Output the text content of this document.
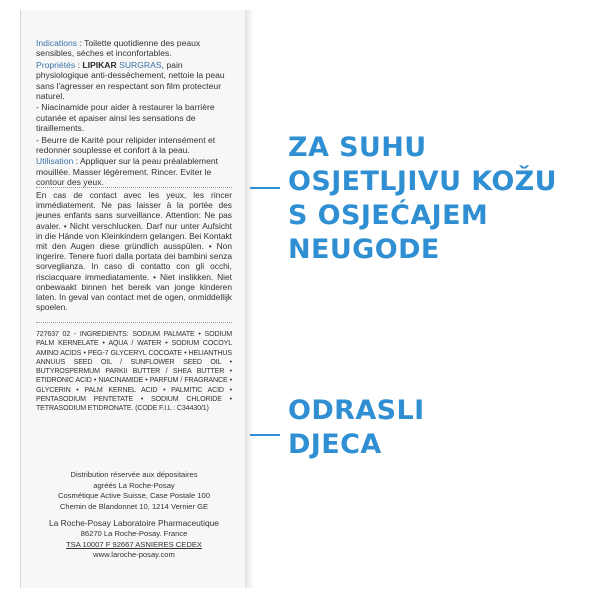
Indications : Toilette quotidienne des peaux sensibles, sèches et inconfortables.
Propriétés : LIPIKAR SURGRAS, pain physiologique anti-dessèchement, nettoie la peau sans l'agresser en respectant son film protecteur naturel.
- Niacinamide pour aider à restaurer la barrière cutanée et apaiser ainsi les sensations de tiraillements.
- Beurre de Karité pour relipider intensément et redonner souplesse et confort à la peau.
Utilisation : Appliquer sur la peau préalablement mouillée. Masser légèrement. Rincer. Eviter le contour des yeux.
En cas de contact avec les yeux, les rincer immédiatement. Ne pas laisser à la portée des jeunes enfants sans surveillance. Attention: Ne pas avaler. • Nicht verschlucken. Darf nur unter Aufsicht in die Hände von Kleinkindern gelangen. Bei Kontakt mit den Augen diese gründlich ausspülen. • Non ingerire. Tenere fuori dalla portata dei bambini senza sorveglianza. In caso di contatto con gli occhi, risciacquare immediatamente. • Niet inslikken. Niet onbewaakt binnen het bereik van jonge kinderen laten. In geval van contact met de ogen, onmiddellijk spoelen.
727637 02 - INGREDIENTS: SODIUM PALMATE • SODIUM PALM KERNELATE • AQUA / WATER • SODIUM COCOYL AMINO ACIDS • PEG-7 GLYCERYL COCOATE • HELIANTHUS ANNUUS SEED OIL / SUNFLOWER SEED OIL • BUTYROSPERMUM PARKII BUTTER / SHEA BUTTER • ETIDRONIC ACID • NIACINAMIDE • PARFUM / FRAGRANCE • GLYCERIN • PALM KERNEL ACID • PALMITIC ACID • PENTASODIUM PENTETATE • SODIUM CHLORIDE • TETRASODIUM ETIDRONATE. (CODE F.I.L : C34430/1)
Distribution réservée aux dépositaires
agréés La Roche-Posay
Cosmétique Active Suisse, Case Postale 100
Chemin de Blandonnet 10, 1214 Vernier GE
La Roche-Posay Laboratoire Pharmaceutique
86270 La Roche-Posay. France
TSA 10007 F 92667 ASNIERES CEDEX
www.laroche-posay.com
ZA SUHU
OSJETLJIVU KOŽU
S OSJEĆAJEM
NEUGODE
ODRASLI
DJECA
